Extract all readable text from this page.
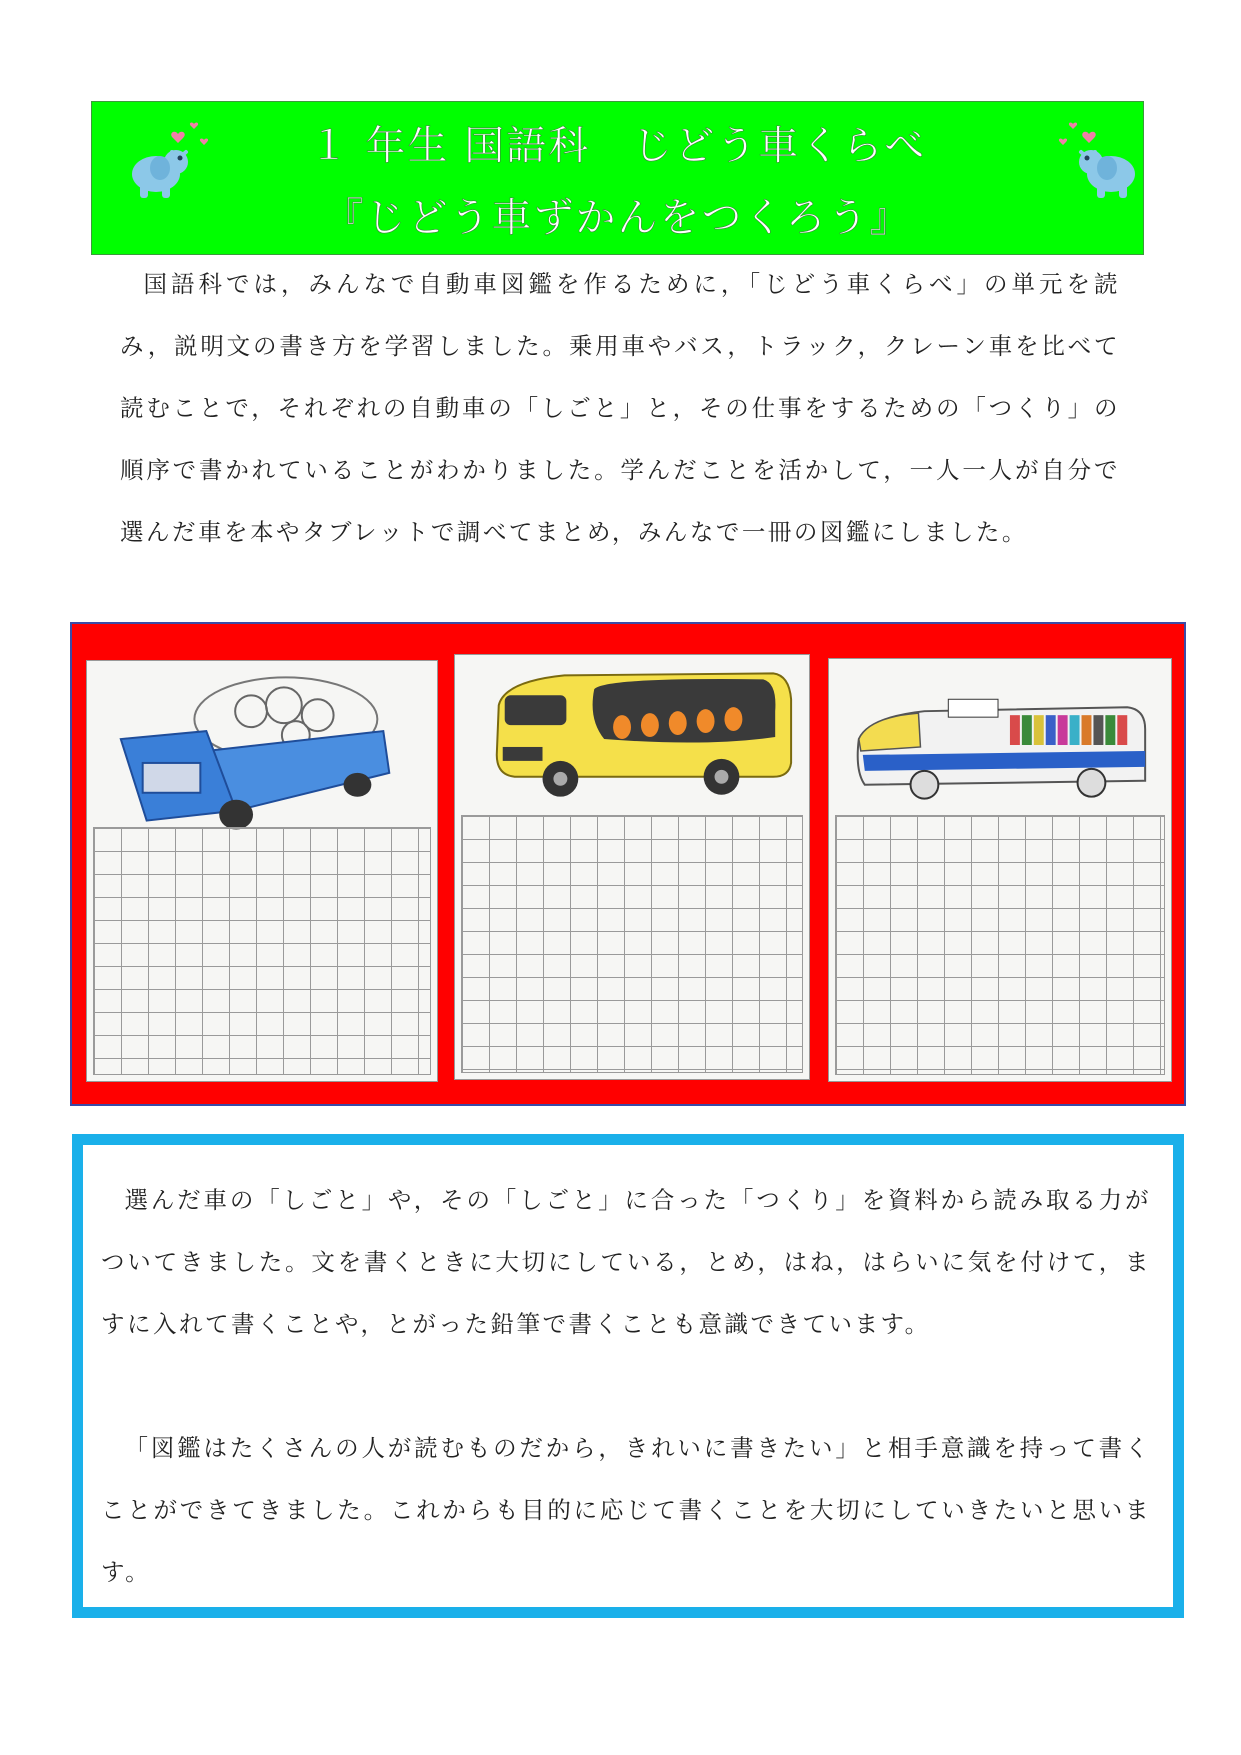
１ 年生 国語科　じどう車くらべ
『じどう車ずかんをつくろう』

国語科では，みんなで自動車図鑑を作るために，「じどう車くらべ」の単元を読み，説明文の書き方を学習しました。乗用車やバス，トラック，クレーン車を比べて読むことで，それぞれの自動車の「しごと」と，その仕事をするための「つくり」の順序で書かれていることがわかりました。学んだことを活かして，一人一人が自分で選んだ車を本やタブレットで調べてまとめ，みんなで一冊の図鑑にしました。

選んだ車の「しごと」や，その「しごと」に合った「つくり」を資料から読み取る力がついてきました。文を書くときに大切にしている，とめ，はね，はらいに気を付けて，ますに入れて書くことや，とがった鉛筆で書くことも意識できています。

「図鑑はたくさんの人が読むものだから，きれいに書きたい」と相手意識を持って書くことができてきました。これからも目的に応じて書くことを大切にしていきたいと思います。
